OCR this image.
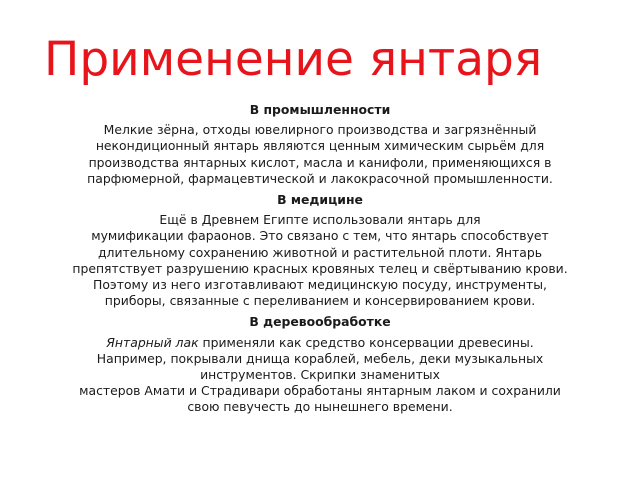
Применение янтаря
В промышленности
Мелкие зёрна, отходы ювелирного производства и загрязнённый
некондиционный янтарь являются ценным химическим сырьём для
производства янтарных кислот, масла и канифоли, применяющихся в
парфюмерной, фармацевтической и лакокрасочной промышленности.
В медицине
Ещё в Древнем Египте использовали янтарь для
мумификации фараонов. Это связано с тем, что янтарь способствует
длительному сохранению животной и растительной плоти. Янтарь
препятствует разрушению красных кровяных телец и свёртыванию крови.
Поэтому из него изготавливают медицинскую посуду, инструменты,
приборы, связанные с переливанием и консервированием крови.
В деревообработке
Янтарный лак применяли как средство консервации древесины.
Например, покрывали днища кораблей, мебель, деки музыкальных
инструментов. Скрипки знаменитых
мастеров Амати и Страдивари обработаны янтарным лаком и сохранили
свою певучесть до нынешнего времени.
